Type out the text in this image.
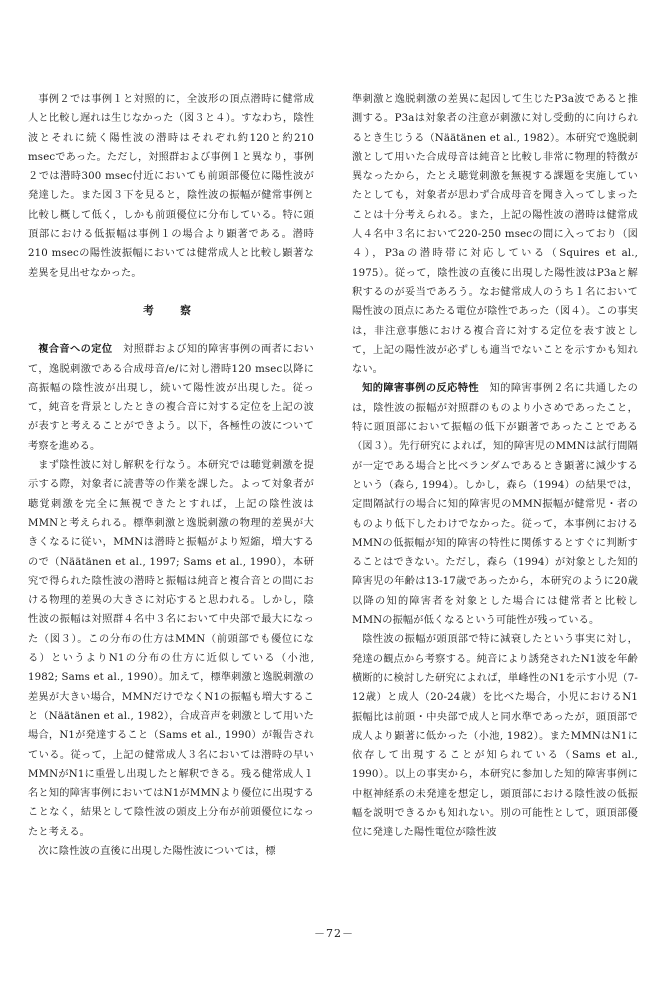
事例２では事例１と対照的に，全波形の頂点潜時に健常成人と比較し遅れは生じなかった（図３と４）。すなわち，陰性波とそれに続く陽性波の潜時はそれぞれ約120と約210 msecであった。ただし，対照群および事例１と異なり，事例２では潜時300 msec付近においても前頭部優位に陽性波が発達した。また図３下を見ると，陰性波の振幅が健常事例と比較し概して低く，しかも前頭優位に分布している。特に頭頂部における低振幅は事例１の場合より顕著である。潜時210 msecの陽性波振幅においては健常成人と比較し顕著な差異を見出せなかった。

考　察

複合音への定位　対照群および知的障害事例の両者において，逸脱刺激である合成母音/e/に対し潜時120 msec以降に高振幅の陰性波が出現し，続いて陽性波が出現した。従って，純音を背景としたときの複合音に対する定位を上記の波が表すと考えることができよう。以下，各極性の波について考察を進める。

まず陰性波に対し解釈を行なう。本研究では聴覚刺激を提示する際，対象者に読書等の作業を課した。よって対象者が聴覚刺激を完全に無視できたとすれば，上記の陰性波はMMNと考えられる。標準刺激と逸脱刺激の物理的差異が大きくなるに従い，MMNは潜時と振幅がより短縮，増大するので（Näätänen et al., 1997; Sams et al., 1990），本研究で得られた陰性波の潜時と振幅は純音と複合音との間における物理的差異の大きさに対応すると思われる。しかし，陰性波の振幅は対照群４名中３名において中央部で最大になった（図３）。この分布の仕方はMMN（前頭部でも優位になる）というよりN1の分布の仕方に近似している（小池, 1982; Sams et al., 1990）。加えて，標準刺激と逸脱刺激の差異が大きい場合，MMNだけでなくN1の振幅も増大すること（Näätänen et al., 1982），合成音声を刺激として用いた場合，N1が発達すること（Sams et al., 1990）が報告されている。従って，上記の健常成人３名においては潜時の早いMMNがN1に重畳し出現したと解釈できる。残る健常成人１名と知的障害事例においてはN1がMMNより優位に出現することなく，結果として陰性波の頭皮上分布が前頭優位になったと考える。

次に陰性波の直後に出現した陽性波については，標

準刺激と逸脱刺激の差異に起因して生じたP3a波であると推測する。P3aは対象者の注意が刺激に対し受動的に向けられるとき生じうる（Näätänen et al., 1982）。本研究で逸脱刺激として用いた合成母音は純音と比較し非常に物理的特徴が異なったから，たとえ聴覚刺激を無視する課題を実施していたとしても，対象者が思わず合成母音を聞き入ってしまったことは十分考えられる。また，上記の陽性波の潜時は健常成人４名中３名において220-250 msecの間に入っており（図４），P3aの潜時帯に対応している（Squires et al., 1975）。従って，陰性波の直後に出現した陽性波はP3aと解釈するのが妥当であろう。なお健常成人のうち１名において陽性波の頂点にあたる電位が陰性であった（図４）。この事実は，非注意事態における複合音に対する定位を表す波として，上記の陽性波が必ずしも適当でないことを示すかも知れない。

知的障害事例の反応特性　知的障害事例２名に共通したのは，陰性波の振幅が対照群のものより小さめであったこと，特に頭頂部において振幅の低下が顕著であったことである（図３）。先行研究によれば，知的障害児のMMNは試行間隔が一定である場合と比べランダムであるとき顕著に減少するという（森ら, 1994）。しかし，森ら（1994）の結果では，定間隔試行の場合に知的障害児のMMN振幅が健常児・者のものより低下したわけでなかった。従って，本事例におけるMMNの低振幅が知的障害の特性に関係するとすぐに判断することはできない。ただし，森ら（1994）が対象とした知的障害児の年齢は13-17歳であったから，本研究のように20歳以降の知的障害者を対象とした場合には健常者と比較しMMNの振幅が低くなるという可能性が残っている。

陰性波の振幅が頭頂部で特に減衰したという事実に対し，発達の観点から考察する。純音により誘発されたN1波を年齢横断的に検討した研究によれば，単峰性のN1を示す小児（7-12歳）と成人（20-24歳）を比べた場合，小児におけるN1振幅比は前頭・中央部で成人と同水準であったが，頭頂部で成人より顕著に低かった（小池, 1982）。またMMNはN1に依存して出現することが知られている（Sams et al., 1990）。以上の事実から，本研究に参加した知的障害事例に中枢神経系の未発達を想定し，頭頂部における陰性波の低振幅を説明できるかも知れない。別の可能性として，頭頂部優位に発達した陽性電位が陰性波

－72－
